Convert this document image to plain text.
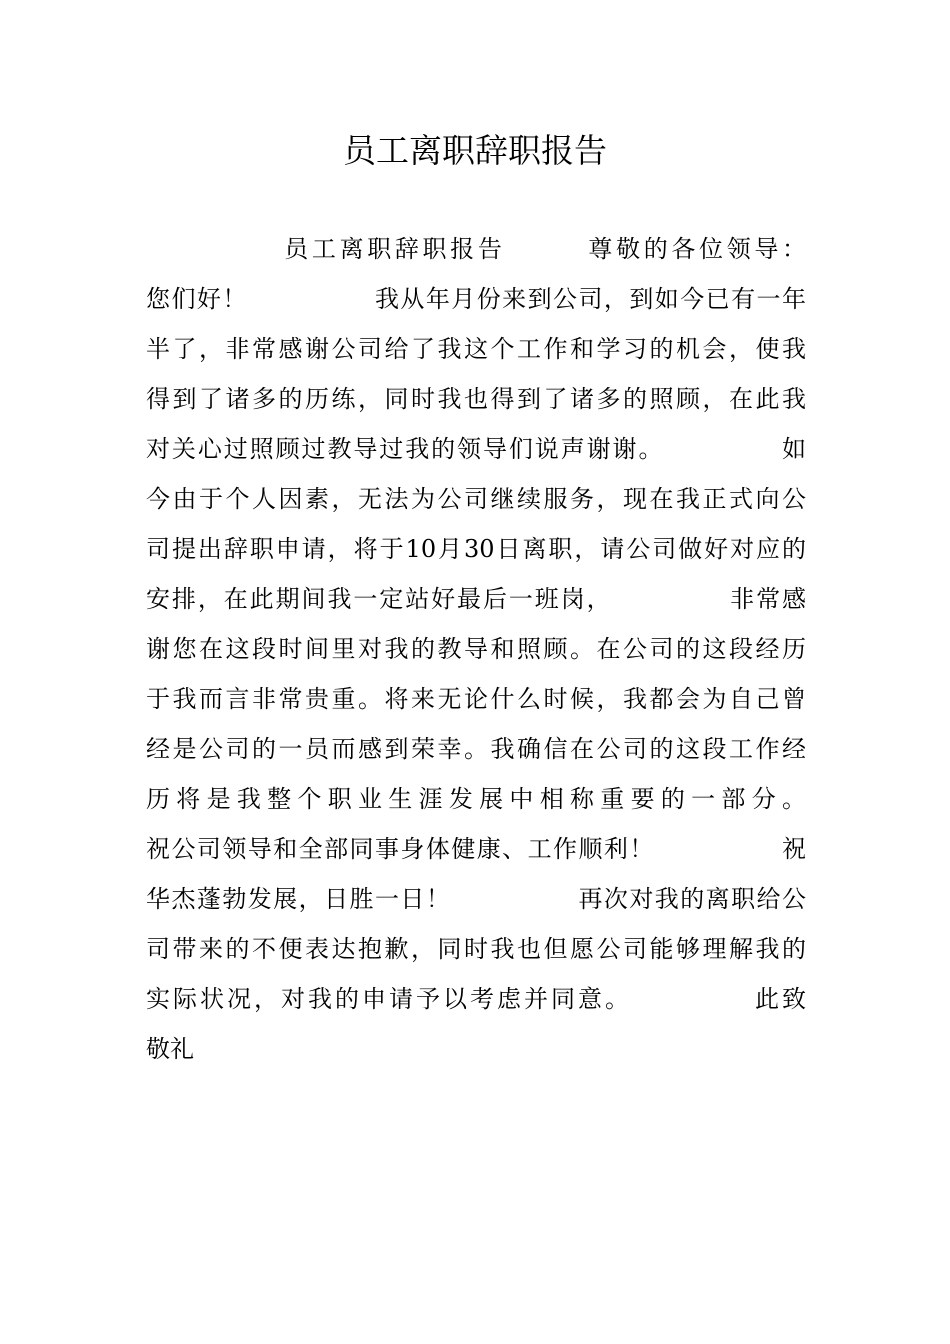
员工离职辞职报告
　　　　　员工离职辞职报告　　　尊敬的各位领导：
您们好！　　　　　我从年月份来到公司，到如今已有一年
半了，非常感谢公司给了我这个工作和学习的机会，使我
得到了诸多的历练，同时我也得到了诸多的照顾，在此我
对关心过照顾过教导过我的领导们说声谢谢。　　　　　如
今由于个人因素，无法为公司继续服务，现在我正式向公
司提出辞职申请，将于10月30日离职，请公司做好对应的
安排，在此期间我一定站好最后一班岗，　　　　　非常感
谢您在这段时间里对我的教导和照顾。在公司的这段经历
于我而言非常贵重。将来无论什么时候，我都会为自己曾
经是公司的一员而感到荣幸。我确信在公司的这段工作经
历将是我整个职业生涯发展中相称重要的一部分。
祝公司领导和全部同事身体健康、工作顺利！　　　　　祝
华杰蓬勃发展，日胜一日！　　　　　再次对我的离职给公
司带来的不便表达抱歉，同时我也但愿公司能够理解我的
实际状况，对我的申请予以考虑并同意。　　　　　此致
敬礼
